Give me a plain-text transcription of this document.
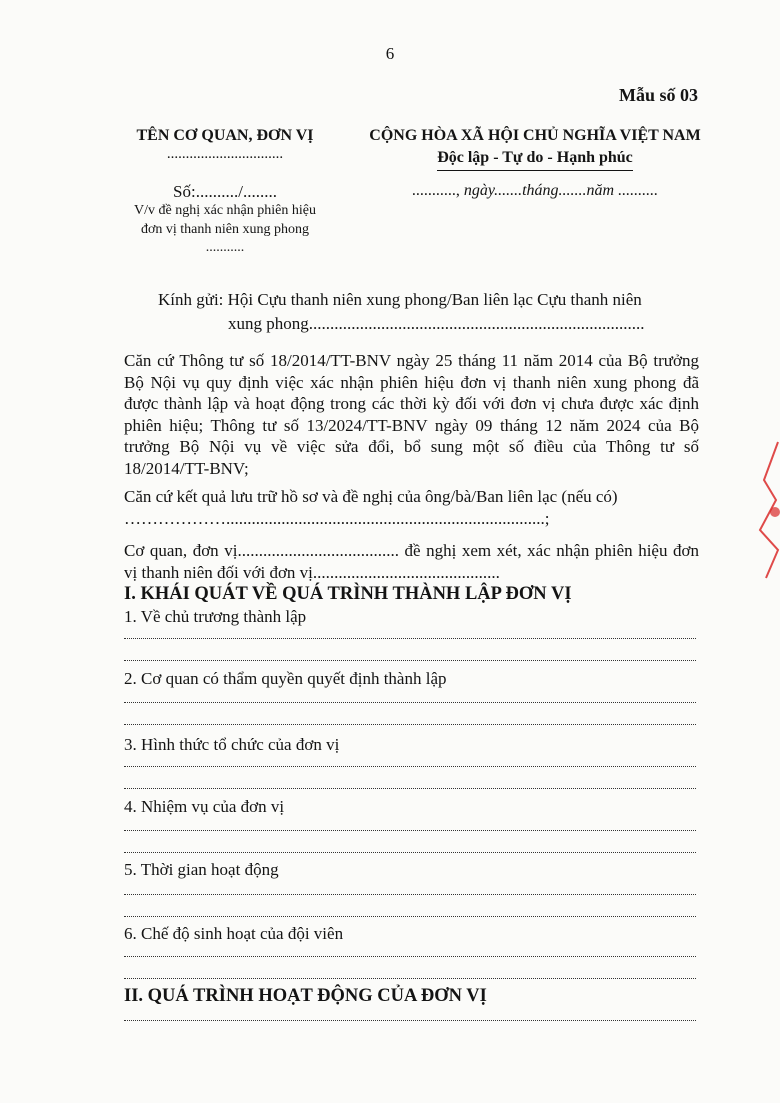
6
Mẫu số 03
TÊN CƠ QUAN, ĐƠN VỊ
...............................
CỘNG HÒA XÃ HỘI CHỦ NGHĨA VIỆT NAM
Độc lập - Tự do - Hạnh phúc
Số:........../........
V/v đề nghị xác nhận phiên hiệu đơn vị thanh niên xung phong ...........
..........., ngày.......tháng.......năm ..........
Kính gửi: Hội Cựu thanh niên xung phong/Ban liên lạc Cựu thanh niên
xung phong...............................................................................
Căn cứ Thông tư số 18/2014/TT-BNV ngày 25 tháng 11 năm 2014 của Bộ trưởng Bộ Nội vụ quy định việc xác nhận phiên hiệu đơn vị thanh niên xung phong đã được thành lập và hoạt động trong các thời kỳ đối với đơn vị chưa được xác định phiên hiệu; Thông tư số 13/2024/TT-BNV ngày 09 tháng 12 năm 2024 của Bộ trưởng Bộ Nội vụ về việc sửa đổi, bổ sung một số điều của Thông tư số 18/2014/TT-BNV;
Căn cứ kết quả lưu trữ hồ sơ và đề nghị của ông/bà/Ban liên lạc (nếu có)
………………...........................................................................;
Cơ quan, đơn vị...................................... đề nghị xem xét, xác nhận phiên hiệu đơn vị thanh niên đối với đơn vị............................................
I. KHÁI QUÁT VỀ QUÁ TRÌNH THÀNH LẬP ĐƠN VỊ
1. Về chủ trương thành lập
2. Cơ quan có thẩm quyền quyết định thành lập
3. Hình thức tổ chức của đơn vị
4. Nhiệm vụ của đơn vị
5. Thời gian hoạt động
6. Chế độ sinh hoạt của đội viên
II. QUÁ TRÌNH HOẠT ĐỘNG CỦA ĐƠN VỊ
